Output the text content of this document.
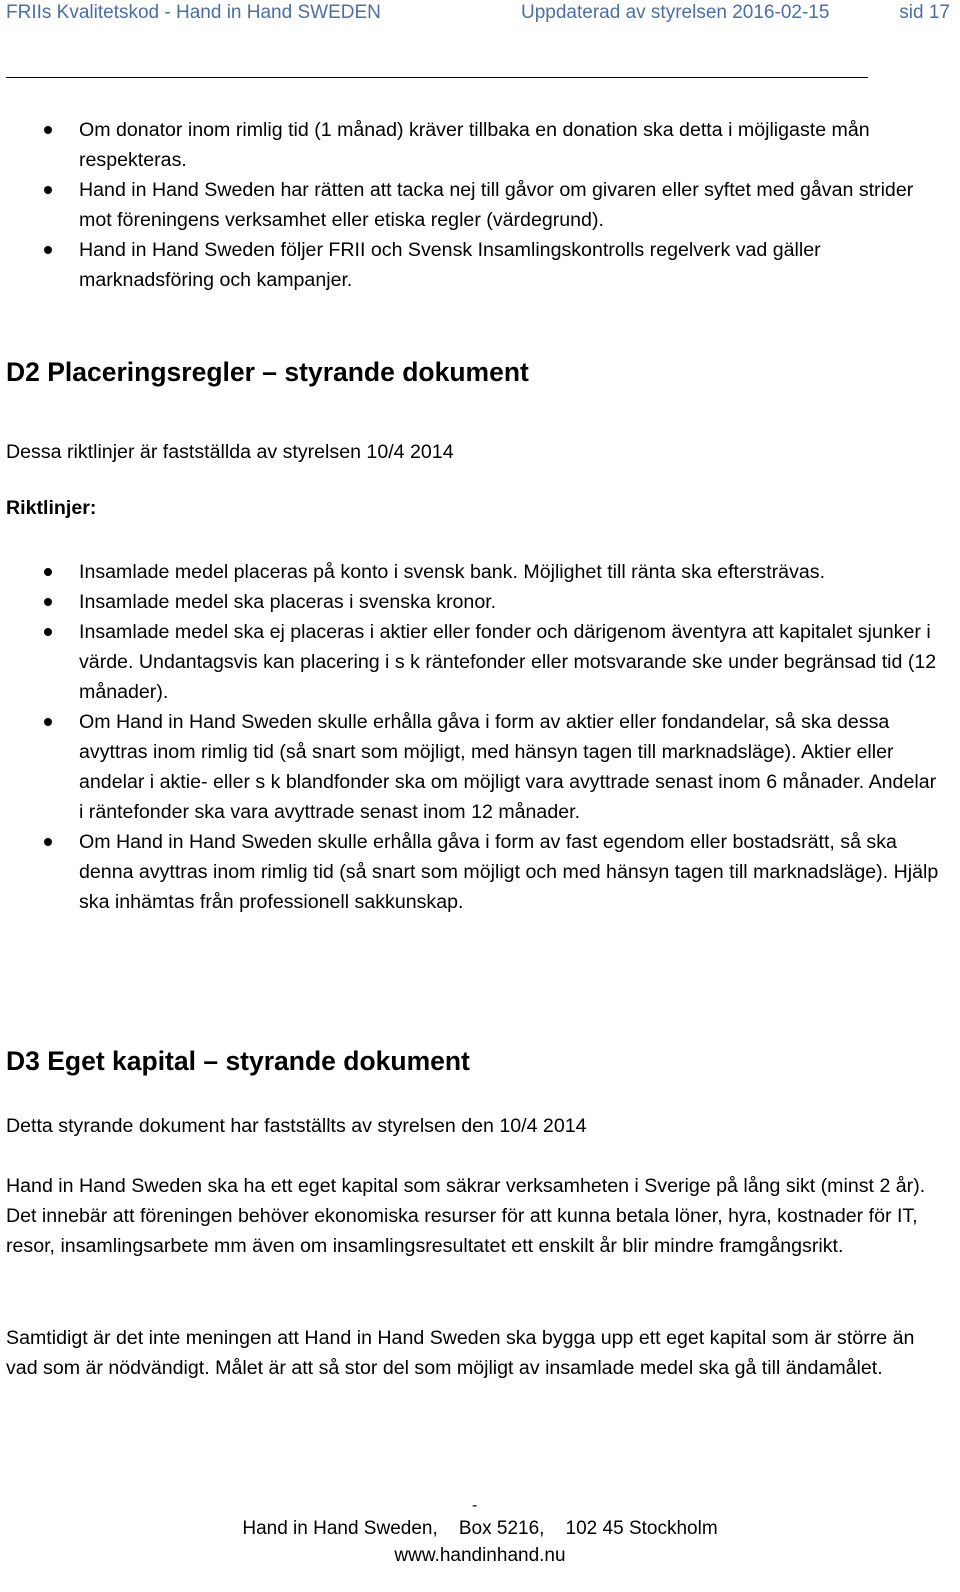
FRIIs Kvalitetskod - Hand in Hand SWEDEN	Uppdaterad av styrelsen 2016-02-15	sid 17
Om donator inom rimlig tid (1 månad) kräver tillbaka en donation ska detta i möjligaste mån respekteras.
Hand in Hand Sweden har rätten att tacka nej till gåvor om givaren eller syftet med gåvan strider mot föreningens verksamhet eller etiska regler (värdegrund).
Hand in Hand Sweden följer FRII och Svensk Insamlingskontrolls regelverk vad gäller marknadsföring och kampanjer.
D2 Placeringsregler – styrande dokument
Dessa riktlinjer är fastställda av styrelsen 10/4 2014
Riktlinjer:
Insamlade medel placeras på konto i svensk bank. Möjlighet till ränta ska eftersträvas.
Insamlade medel ska placeras i svenska kronor.
Insamlade medel ska ej placeras i aktier eller fonder och därigenom äventyra att kapitalet sjunker i värde. Undantagsvis kan placering i s k räntefonder eller motsvarande ske under begränsad tid (12 månader).
Om Hand in Hand Sweden skulle erhålla gåva i form av aktier eller fondandelar, så ska dessa avyttras inom rimlig tid (så snart som möjligt, med hänsyn tagen till marknadsläge). Aktier eller andelar i aktie- eller s k blandfonder ska om möjligt vara avyttrade senast inom 6 månader. Andelar i räntefonder ska vara avyttrade senast inom 12 månader.
Om Hand in Hand Sweden skulle erhålla gåva i form av fast egendom eller bostadsrätt, så ska denna avyttras inom rimlig tid (så snart som möjligt och med hänsyn tagen till marknadsläge). Hjälp ska inhämtas från professionell sakkunskap.
D3 Eget kapital – styrande dokument
Detta styrande dokument har fastställts av styrelsen den 10/4 2014
Hand in Hand Sweden ska ha ett eget kapital som säkrar verksamheten i Sverige på lång sikt (minst 2 år). Det innebär att föreningen behöver ekonomiska resurser för att kunna betala löner, hyra, kostnader för IT, resor, insamlingsarbete mm även om insamlingsresultatet ett enskilt år blir mindre framgångsrikt.
Samtidigt är det inte meningen att Hand in Hand Sweden ska bygga upp ett eget kapital som är större än vad som är nödvändigt. Målet är att så stor del som möjligt av insamlade medel ska gå till ändamålet.
-
Hand in Hand Sweden,    Box 5216,    102 45 Stockholm
www.handinhand.nu
